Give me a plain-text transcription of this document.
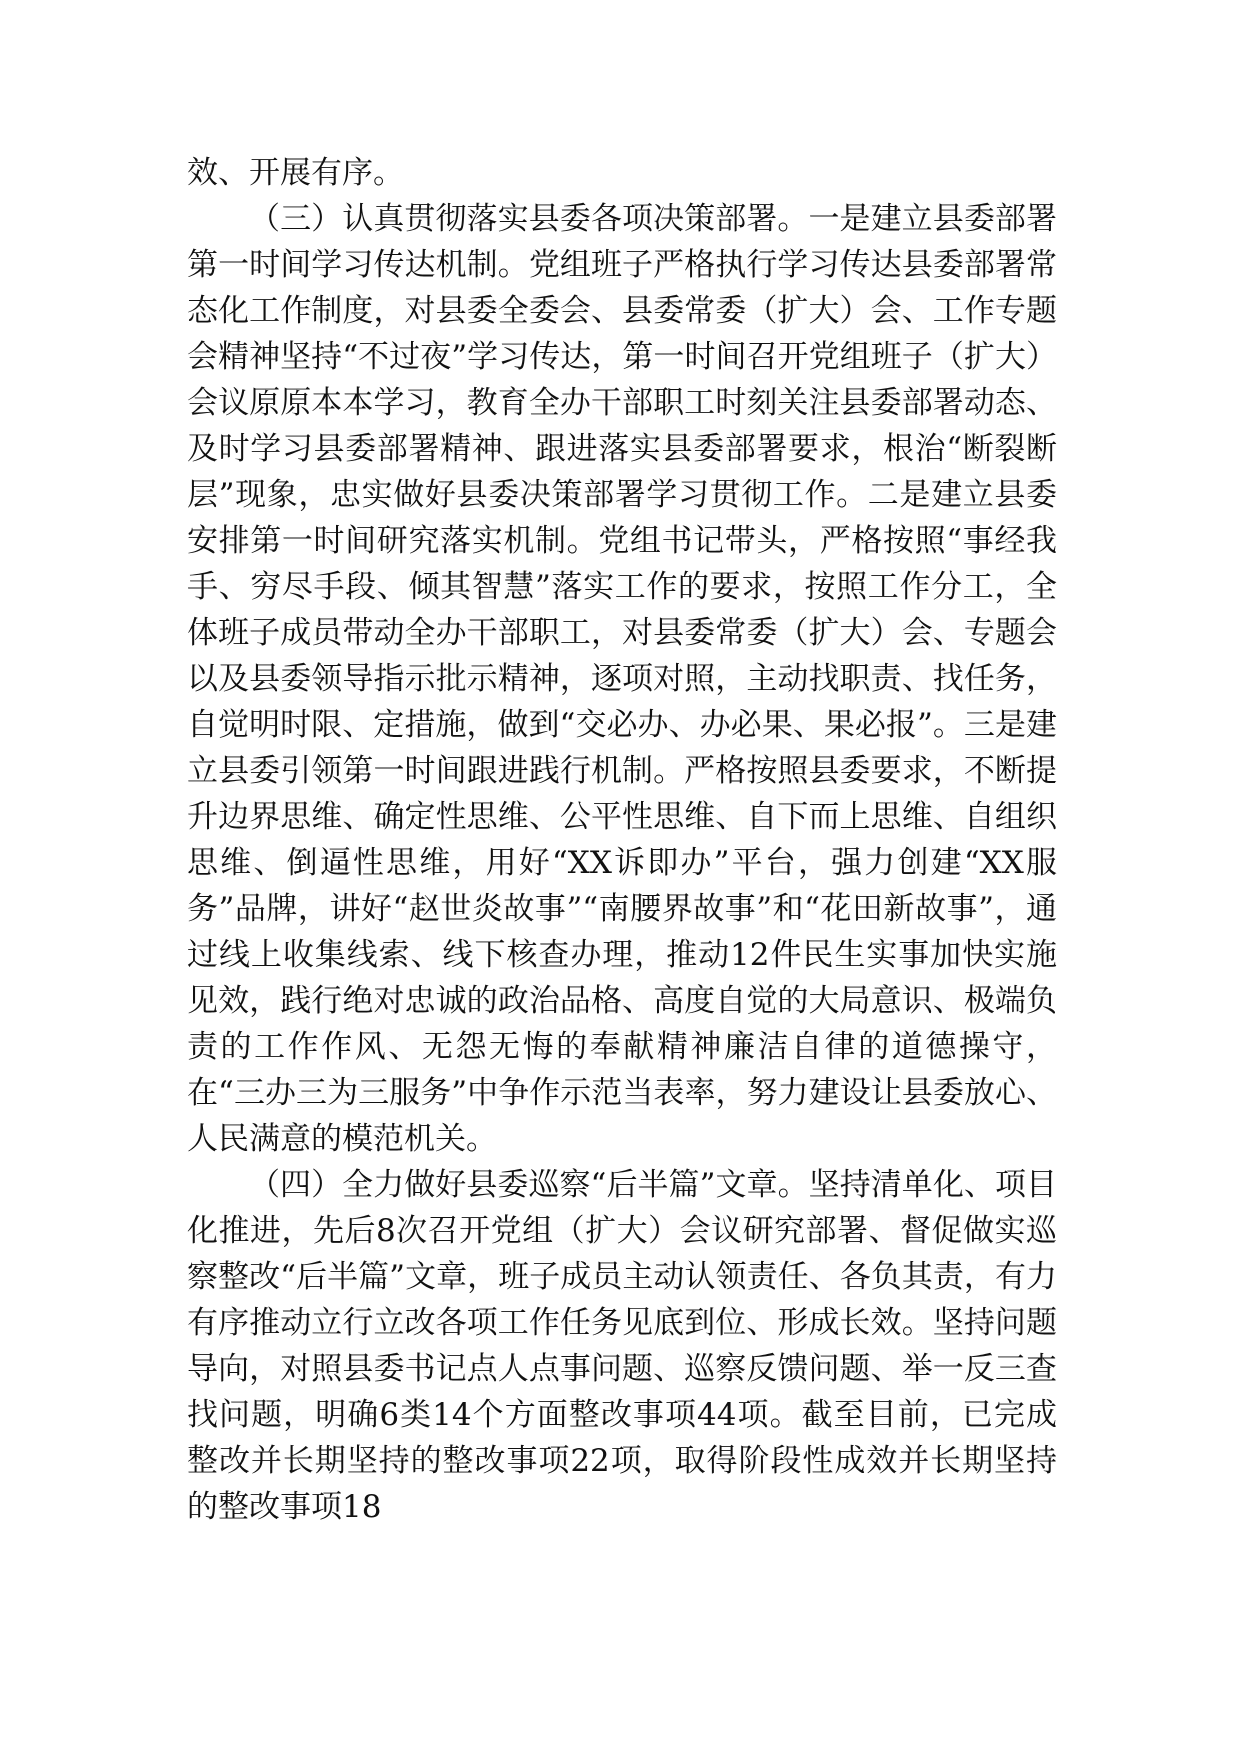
效、开展有序。

（三）认真贯彻落实县委各项决策部署。一是建立县委部署第一时间学习传达机制。党组班子严格执行学习传达县委部署常态化工作制度，对县委全委会、县委常委（扩大）会、工作专题会精神坚持“不过夜”学习传达，第一时间召开党组班子（扩大）会议原原本本学习，教育全办干部职工时刻关注县委部署动态、及时学习县委部署精神、跟进落实县委部署要求，根治“断裂断层”现象，忠实做好县委决策部署学习贯彻工作。二是建立县委安排第一时间研究落实机制。党组书记带头，严格按照“事经我手、穷尽手段、倾其智慧”落实工作的要求，按照工作分工，全体班子成员带动全办干部职工，对县委常委（扩大）会、专题会以及县委领导指示批示精神，逐项对照，主动找职责、找任务，自觉明时限、定措施，做到“交必办、办必果、果必报”。三是建立县委引领第一时间跟进践行机制。严格按照县委要求，不断提升边界思维、确定性思维、公平性思维、自下而上思维、自组织思维、倒逼性思维，用好“XX诉即办”平台，强力创建“XX服务”品牌，讲好“赵世炎故事”“南腰界故事”和“花田新故事”，通过线上收集线索、线下核查办理，推动12件民生实事加快实施见效，践行绝对忠诚的政治品格、高度自觉的大局意识、极端负责的工作作风、无怨无悔的奉献精神廉洁自律的道德操守，在“三办三为三服务”中争作示范当表率，努力建设让县委放心、人民满意的模范机关。

（四）全力做好县委巡察“后半篇”文章。坚持清单化、项目化推进，先后8次召开党组（扩大）会议研究部署、督促做实巡察整改“后半篇”文章，班子成员主动认领责任、各负其责，有力有序推动立行立改各项工作任务见底到位、形成长效。坚持问题导向，对照县委书记点人点事问题、巡察反馈问题、举一反三查找问题，明确6类14个方面整改事项44项。截至目前，已完成整改并长期坚持的整改事项22项，取得阶段性成效并长期坚持的整改事项18
